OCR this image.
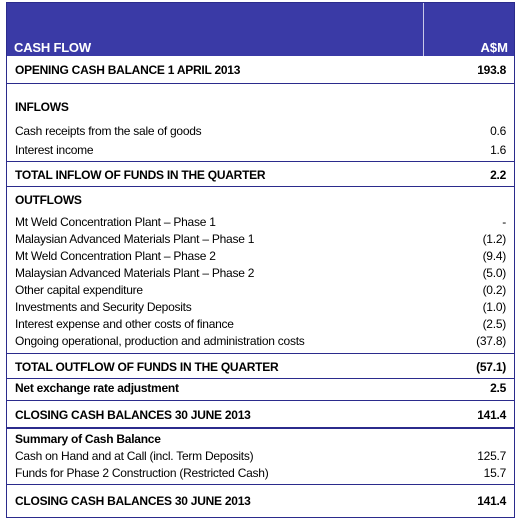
CASH FLOW	A$M
OPENING CASH BALANCE 1 APRIL 2013	193.8
INFLOWS
Cash receipts from the sale of goods	0.6
Interest income	1.6
TOTAL INFLOW OF FUNDS IN THE QUARTER	2.2
OUTFLOWS
Mt Weld Concentration Plant – Phase 1	-
Malaysian Advanced Materials Plant – Phase 1	(1.2)
Mt Weld Concentration Plant – Phase 2	(9.4)
Malaysian Advanced Materials Plant – Phase 2	(5.0)
Other capital expenditure	(0.2)
Investments and Security Deposits	(1.0)
Interest expense and other costs of finance	(2.5)
Ongoing operational, production and administration costs	(37.8)
TOTAL OUTFLOW OF FUNDS IN THE QUARTER	(57.1)
Net exchange rate adjustment	2.5
CLOSING CASH BALANCES 30 JUNE 2013	141.4
Summary of Cash Balance
Cash on Hand and at Call (incl. Term Deposits)	125.7
Funds for Phase 2 Construction (Restricted Cash)	15.7
CLOSING CASH BALANCES 30 JUNE 2013	141.4
